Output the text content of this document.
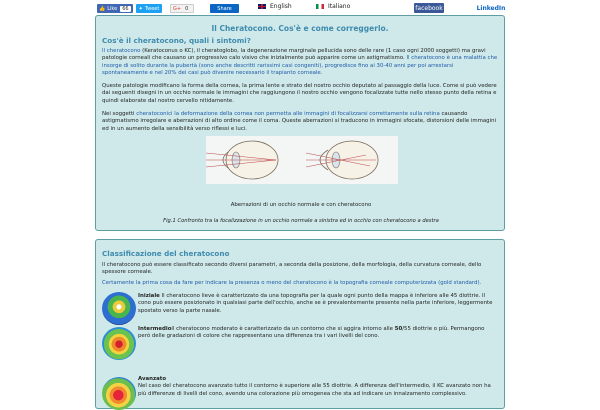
👍 Like	66	✦ Tweet	G+ 0	Share	English	Italiano	facebook	LinkedIn
Il Cheratocono. Cos'è e come correggerlo.
Cos'è il cheratocono, quali i sintomi?
Il cheratocono (Keratoconus o KC), il cheratoglobo, la degenerazione marginale pellucida sono delle rare (1 caso ogni 2000 soggetti) ma gravi patologie corneali che causano un progressivo calo visivo che inizialmente può apparire come un astigmatismo. Il cheratocono è una malattia che insorge di solito durante la pubertà (sono anche descritti rarissimi casi congeniti), progredisce fino ai 30-40 anni per poi arrestarsi spontaneamente e nel 20% dei casi può divenire necessario il trapianto corneale.
Queste patologie modificano la forma della cornea, la prima lente e strato del nostro occhio deputato al passaggio della luce. Come si può vedere dai seguenti disegni in un occhio normale le immagini che raggiungono il nostro occhio vengono focalizzate tutte nello stesso punto della retina e quindi elaborate dal nostro cervello nitidamente.
Nei soggetti cheratoconici la deformazione della cornea non permetta alle immagini di focalizzarsi correttamente sulla retina causando astigmatismo irregolare e aberrazioni di alto ordine come il coma. Queste aberrazioni si traducono in immagini sfocate, distorsioni delle immagini ed in un aumento della sensibilità verso riflessi e luci.
Aberrazioni di un occhio normale e con cheratocono
Fig.1 Confronto tra la focalizzazione in un occhio normale a sinistra ed in occhio con cheratocono a destra
Classificazione del cheratocono
Il cheratocono può essere classificato secondo diversi parametri, a seconda della posizione, della morfologia, della curvatura corneale, dello spessore corneale.
Certamente la prima cosa da fare per indicare la presenza o meno del cheratocono è la topografia corneale computerizzata (gold standard).
Iniziale Il cheratocono lieve è caratterizzato da una topografia per la quale ogni punto della mappa è inferiore alle 45 diottrie. Il cono può essere posizionato in qualsiasi parte dell'occhio, anche se è prevalentemente presente nella parte inferiore, leggermente spostato verso la parte nasale.
Intermedioil cheratocono moderato è caratterizzato da un contorno che si aggira intorno alle 50/55 diottrie o più. Permangono però delle gradazioni di colore che rappresentano una differenza tra i vari livelli del cono.
Avanzato
Nel caso del cheratocono avanzato tutto il contorno è superiore alle 55 diottrie. A differenza dell'intermedio, il KC avanzato non ha più differenze di livelli del cono, avendo una colorazione più omogenea che sta ad indicare un innalzamento complessivo.
